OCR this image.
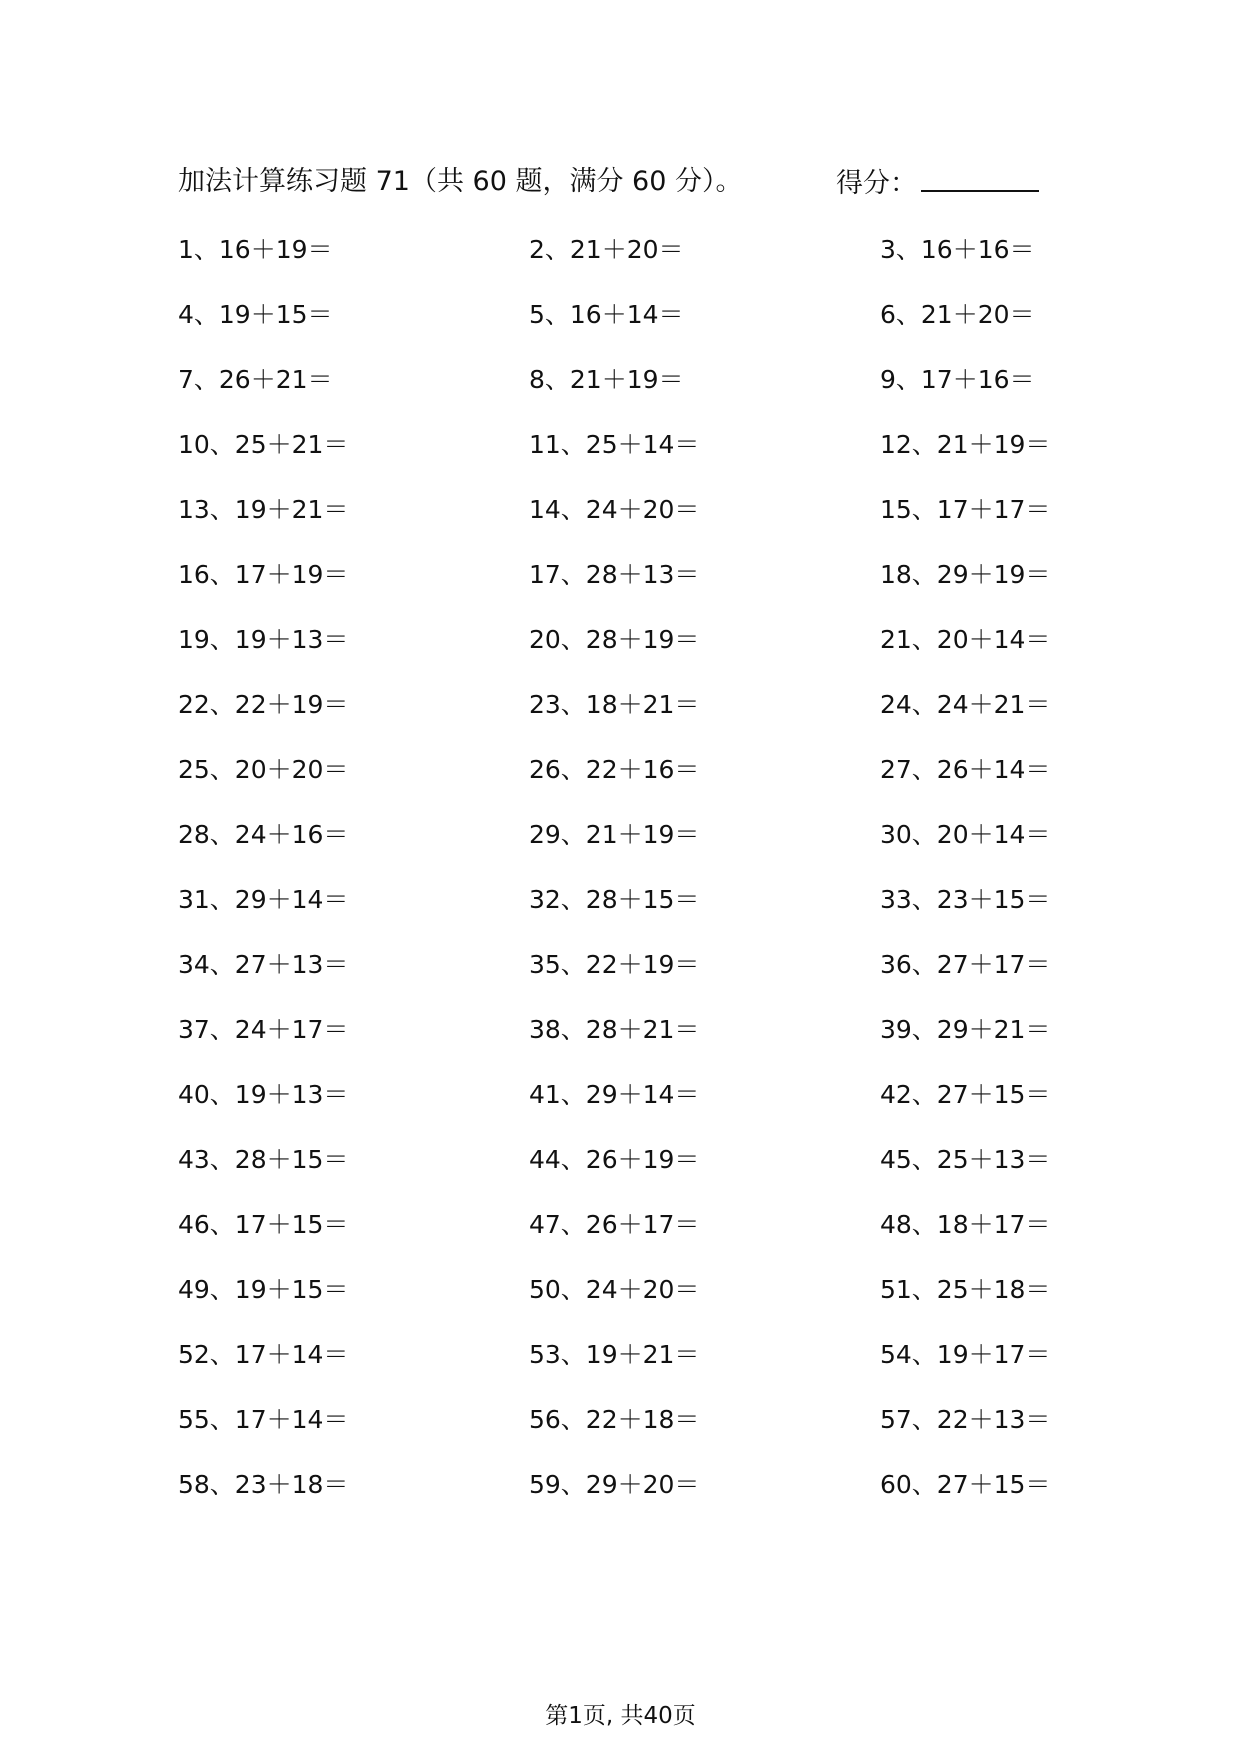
加法计算练习题 71（共 60 题，满分 60 分）。	得分：
1、16＋19＝	2、21＋20＝	3、16＋16＝
4、19＋15＝	5、16＋14＝	6、21＋20＝
7、26＋21＝	8、21＋19＝	9、17＋16＝
10、25＋21＝	11、25＋14＝	12、21＋19＝
13、19＋21＝	14、24＋20＝	15、17＋17＝
16、17＋19＝	17、28＋13＝	18、29＋19＝
19、19＋13＝	20、28＋19＝	21、20＋14＝
22、22＋19＝	23、18＋21＝	24、24＋21＝
25、20＋20＝	26、22＋16＝	27、26＋14＝
28、24＋16＝	29、21＋19＝	30、20＋14＝
31、29＋14＝	32、28＋15＝	33、23＋15＝
34、27＋13＝	35、22＋19＝	36、27＋17＝
37、24＋17＝	38、28＋21＝	39、29＋21＝
40、19＋13＝	41、29＋14＝	42、27＋15＝
43、28＋15＝	44、26＋19＝	45、25＋13＝
46、17＋15＝	47、26＋17＝	48、18＋17＝
49、19＋15＝	50、24＋20＝	51、25＋18＝
52、17＋14＝	53、19＋21＝	54、19＋17＝
55、17＋14＝	56、22＋18＝	57、22＋13＝
58、23＋18＝	59、29＋20＝	60、27＋15＝
第1页, 共40页
